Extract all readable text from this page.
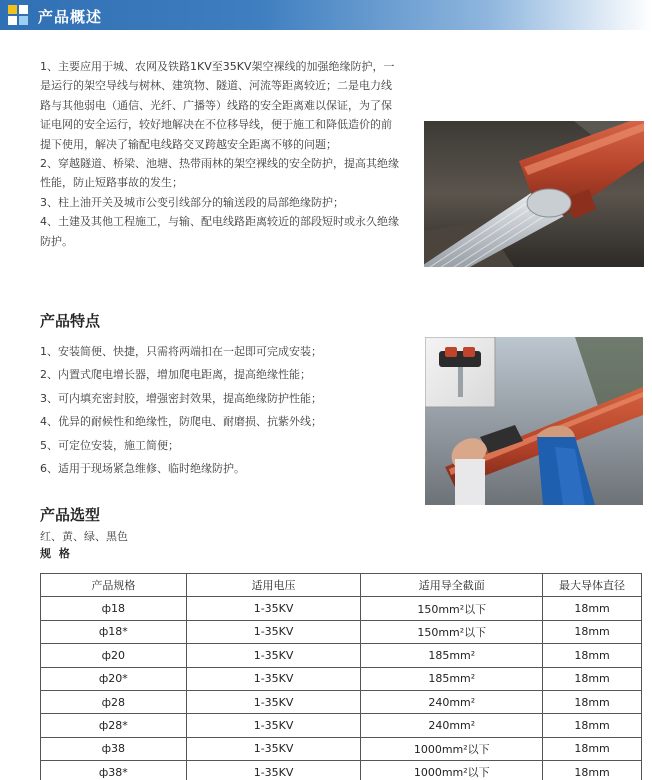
产品概述

1、主要应用于城、农网及铁路1KV至35KV架空裸线的加强绝缘防护，一

是运行的架空导线与树林、建筑物、隧道、河流等距离较近；二是电力线

路与其他弱电（通信、光纤、广播等）线路的安全距离难以保证，为了保

证电网的安全运行，较好地解决在不位移导线，便于施工和降低造价的前

提下使用，解决了输配电线路交叉跨越安全距离不够的问题；

2、穿越隧道、桥梁、池塘、热带雨林的架空裸线的安全防护，提高其绝缘

性能，防止短路事故的发生；

3、柱上油开关及城市公变引线部分的输送段的局部绝缘防护；

4、土建及其他工程施工，与输、配电线路距离较近的部段短时或永久绝缘

防护。

产品特点
1、安装简便、快捷，只需将两端扣在一起即可完成安装；
2、内置式爬电增长器，增加爬电距离，提高绝缘性能；
3、可内填充密封胶，增强密封效果，提高绝缘防护性能；
4、优异的耐候性和绝缘性，防爬电、耐磨损、抗紫外线；
5、可定位安装，施工简便；
6、适用于现场紧急维修、临时绝缘防护。
产品选型
红、黄、绿、黑色
规 格
产品规格	适用电压	适用导全截面	最大导体直径
ф18	1-35KV	150mm²以下	18mm
ф18*	1-35KV	150mm²以下	18mm
ф20	1-35KV	185mm²	18mm
ф20*	1-35KV	185mm²	18mm
ф28	1-35KV	240mm²	18mm
ф28*	1-35KV	240mm²	18mm
ф38	1-35KV	1000mm²以下	18mm
ф38*	1-35KV	1000mm²以下	18mm
